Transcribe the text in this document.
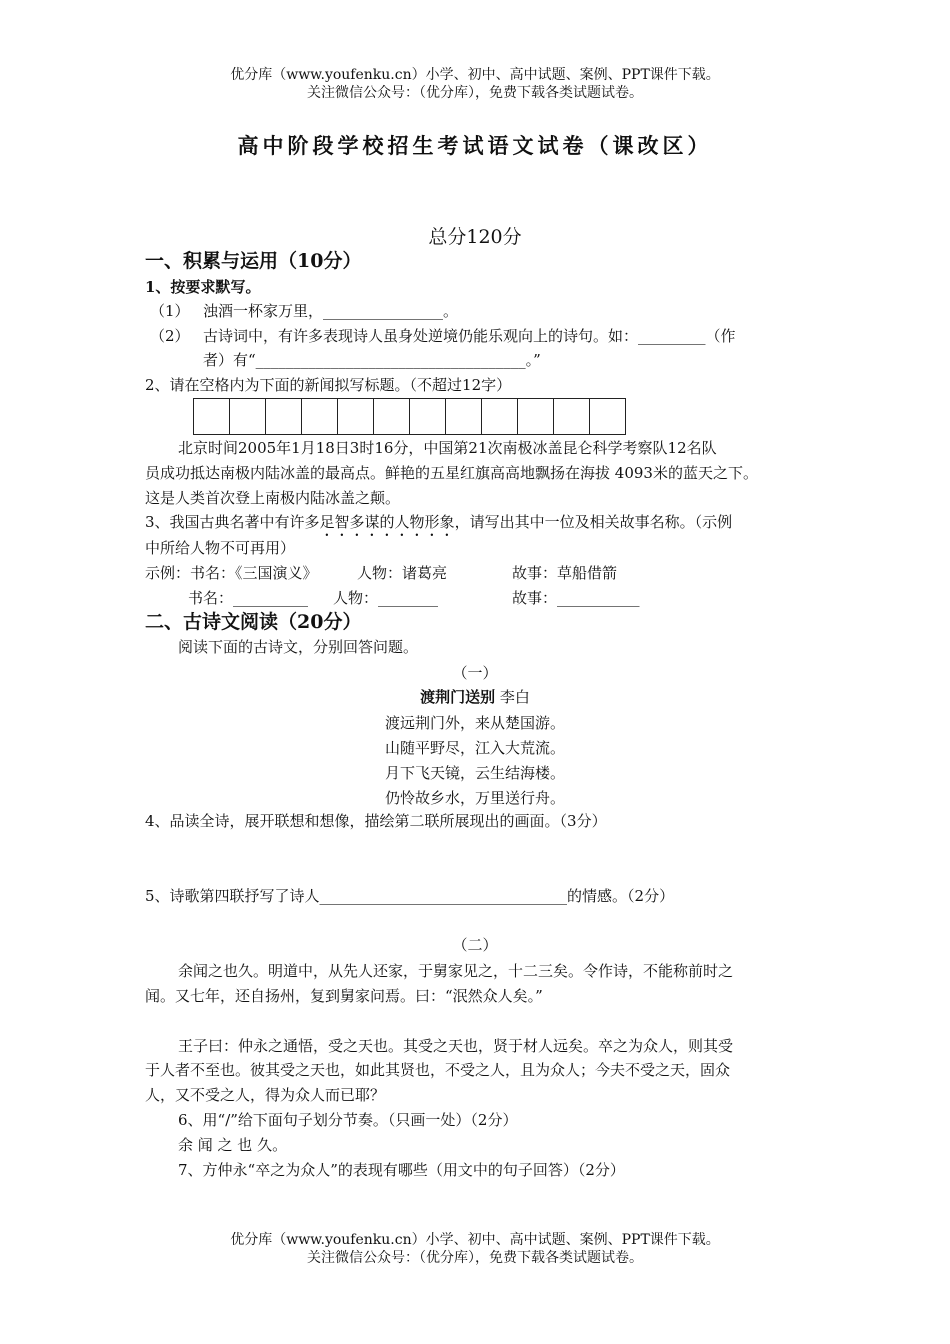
优分库（www.youfenku.cn）小学、初中、高中试题、案例、PPT课件下载。
关注微信公众号：（优分库），免费下载各类试题试卷。
高中阶段学校招生考试语文试卷（课改区）
总分120分
一、积累与运用（10分）
1、按要求默写。
（1） 浊酒一杯家万里，________________。
（2） 古诗词中，有许多表现诗人虽身处逆境仍能乐观向上的诗句。如：_________（作
者）有“____________________________________。”
2、请在空格内为下面的新闻拟写标题。（不超过12字）
北京时间2005年1月18日3时16分，中国第21次南极冰盖昆仑科学考察队12名队
员成功抵达南极内陆冰盖的最高点。鲜艳的五星红旗高高地飘扬在海拔 4093米的蓝天之下。
这是人类首次登上南极内陆冰盖之颠。
3、我国古典名著中有许多足智多谋的人物形象，请写出其中一位及相关故事名称。（示例
中所给人物不可再用）
示例：书名：《三国演义》	人物：诸葛亮	故事：草船借箭
书名：__________ 人物：________	故事：___________
二、古诗文阅读（20分）
阅读下面的古诗文，分别回答问题。
（一）
渡荆门送别 李白
渡远荆门外，来从楚国游。
山随平野尽，江入大荒流。
月下飞天镜，云生结海楼。
仍怜故乡水，万里送行舟。
4、品读全诗，展开联想和想像，描绘第二联所展现出的画面。（3分）
5、诗歌第四联抒写了诗人_________________________________的情感。（2分）
（二）
余闻之也久。明道中，从先人还家，于舅家见之，十二三矣。令作诗，不能称前时之
闻。又七年，还自扬州，复到舅家问焉。曰：“泯然众人矣。”
王子曰：仲永之通悟，受之天也。其受之天也，贤于材人远矣。卒之为众人，则其受
于人者不至也。彼其受之天也，如此其贤也，不受之人，且为众人；今夫不受之天，固众
人，又不受之人，得为众人而已耶？
6、用“/”给下面句子划分节奏。（只画一处）（2分）
余 闻 之 也 久。
7、方仲永“卒之为众人”的表现有哪些（用文中的句子回答）（2分）
优分库（www.youfenku.cn）小学、初中、高中试题、案例、PPT课件下载。
关注微信公众号：（优分库），免费下载各类试题试卷。
